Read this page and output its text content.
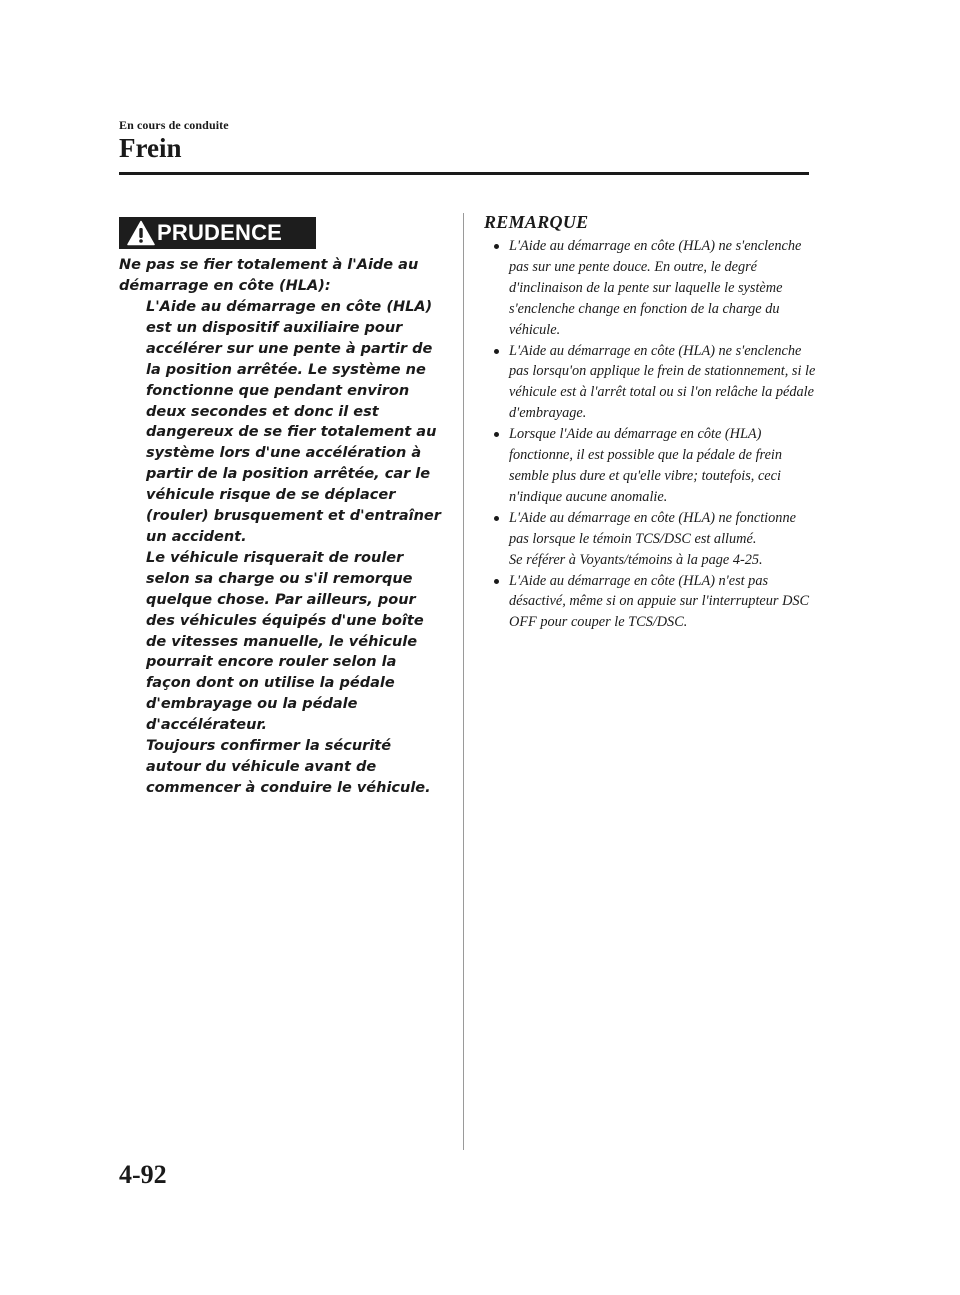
En cours de conduite
Frein
PRUDENCE

Ne pas se fier totalement à l'Aide au démarrage en côte (HLA):

L'Aide au démarrage en côte (HLA) est un dispositif auxiliaire pour accélérer sur une pente à partir de la position arrêtée. Le système ne fonctionne que pendant environ deux secondes et donc il est dangereux de se fier totalement au système lors d'une accélération à partir de la position arrêtée, car le véhicule risque de se déplacer (rouler) brusquement et d'entraîner un accident.

Le véhicule risquerait de rouler selon sa charge ou s'il remorque quelque chose. Par ailleurs, pour des véhicules équipés d'une boîte de vitesses manuelle, le véhicule pourrait encore rouler selon la façon dont on utilise la pédale d'embrayage ou la pédale d'accélérateur.

Toujours confirmer la sécurité autour du véhicule avant de commencer à conduire le véhicule.

REMARQUE
L'Aide au démarrage en côte (HLA) ne s'enclenche pas sur une pente douce. En outre, le degré d'inclinaison de la pente sur laquelle le système s'enclenche change en fonction de la charge du véhicule.
L'Aide au démarrage en côte (HLA) ne s'enclenche pas lorsqu'on applique le frein de stationnement, si le véhicule est à l'arrêt total ou si l'on relâche la pédale d'embrayage.
Lorsque l'Aide au démarrage en côte (HLA) fonctionne, il est possible que la pédale de frein semble plus dure et qu'elle vibre; toutefois, ceci n'indique aucune anomalie.
L'Aide au démarrage en côte (HLA) ne fonctionne pas lorsque le témoin TCS/DSC est allumé.
Se référer à Voyants/témoins à la page 4-25.
L'Aide au démarrage en côte (HLA) n'est pas désactivé, même si on appuie sur l'interrupteur DSC OFF pour couper le TCS/DSC.
4-92
